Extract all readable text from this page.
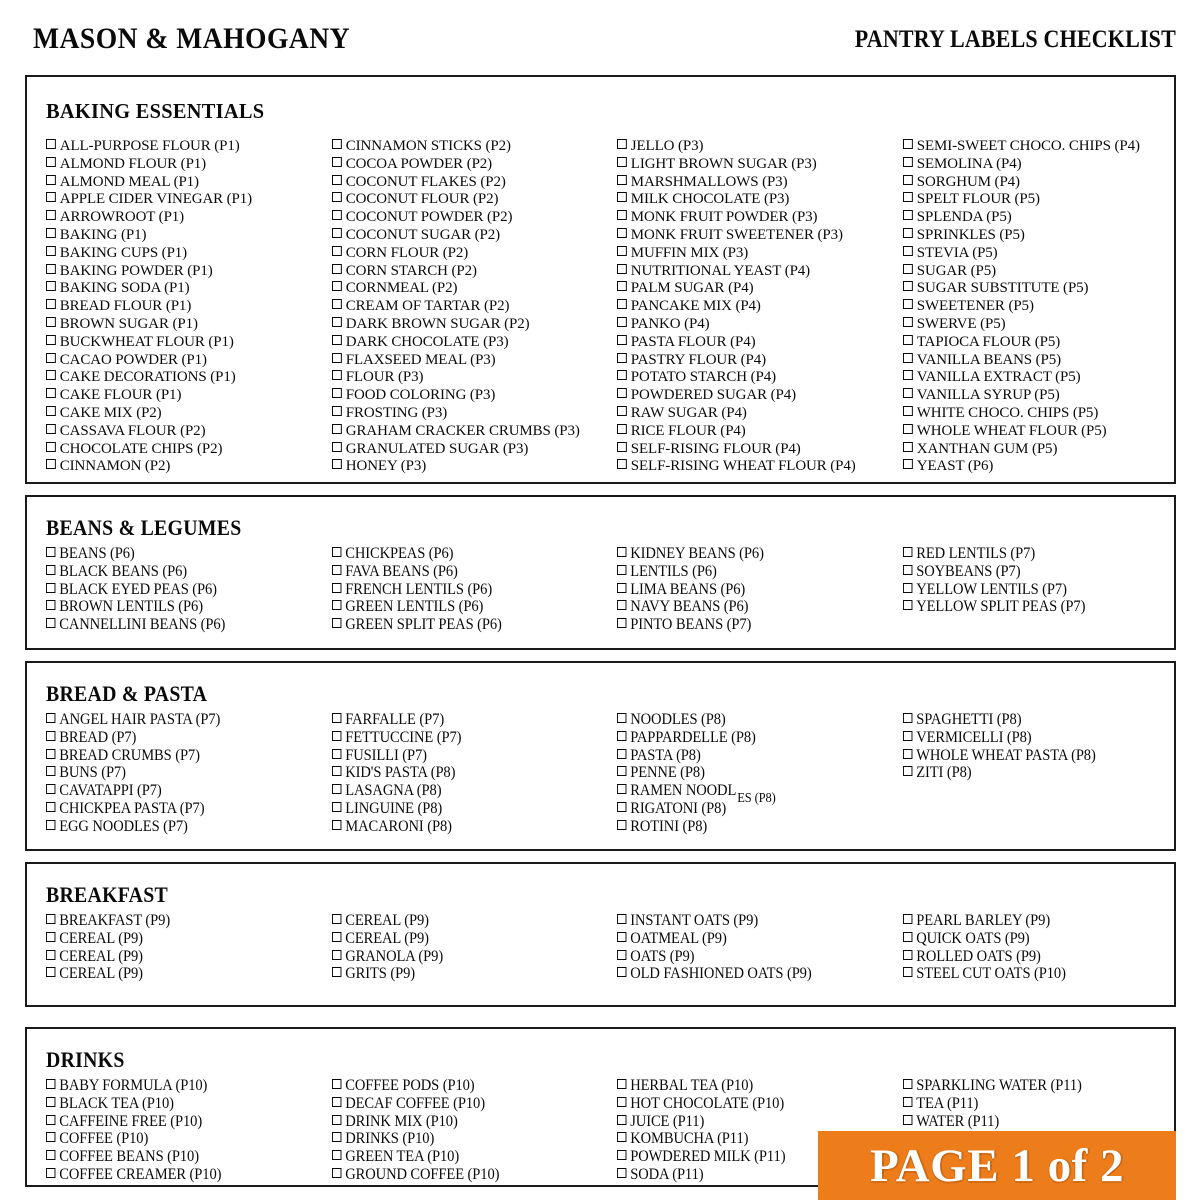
MASON & MAHOGANY	PANTRY LABELS CHECKLIST
BAKING ESSENTIALS
ALL-PURPOSE FLOUR (P1)
ALMOND FLOUR (P1)
ALMOND MEAL (P1)
APPLE CIDER VINEGAR (P1)
ARROWROOT (P1)
BAKING (P1)
BAKING CUPS (P1)
BAKING POWDER (P1)
BAKING SODA (P1)
BREAD FLOUR (P1)
BROWN SUGAR (P1)
BUCKWHEAT FLOUR (P1)
CACAO POWDER (P1)
CAKE DECORATIONS (P1)
CAKE FLOUR (P1)
CAKE MIX (P2)
CASSAVA FLOUR (P2)
CHOCOLATE CHIPS (P2)
CINNAMON (P2)
CINNAMON STICKS (P2)
COCOA POWDER (P2)
COCONUT FLAKES (P2)
COCONUT FLOUR (P2)
COCONUT POWDER (P2)
COCONUT SUGAR (P2)
CORN FLOUR (P2)
CORN STARCH (P2)
CORNMEAL (P2)
CREAM OF TARTAR (P2)
DARK BROWN SUGAR (P2)
DARK CHOCOLATE (P3)
FLAXSEED MEAL (P3)
FLOUR (P3)
FOOD COLORING (P3)
FROSTING (P3)
GRAHAM CRACKER CRUMBS (P3)
GRANULATED SUGAR (P3)
HONEY (P3)
JELLO (P3)
LIGHT BROWN SUGAR (P3)
MARSHMALLOWS (P3)
MILK CHOCOLATE (P3)
MONK FRUIT POWDER (P3)
MONK FRUIT SWEETENER (P3)
MUFFIN MIX (P3)
NUTRITIONAL YEAST (P4)
PALM SUGAR (P4)
PANCAKE MIX (P4)
PANKO (P4)
PASTA FLOUR (P4)
PASTRY FLOUR (P4)
POTATO STARCH (P4)
POWDERED SUGAR (P4)
RAW SUGAR (P4)
RICE FLOUR (P4)
SELF-RISING FLOUR (P4)
SELF-RISING WHEAT FLOUR (P4)
SEMI-SWEET CHOCO. CHIPS (P4)
SEMOLINA (P4)
SORGHUM (P4)
SPELT FLOUR (P5)
SPLENDA (P5)
SPRINKLES (P5)
STEVIA (P5)
SUGAR (P5)
SUGAR SUBSTITUTE (P5)
SWEETENER (P5)
SWERVE (P5)
TAPIOCA FLOUR (P5)
VANILLA BEANS (P5)
VANILLA EXTRACT (P5)
VANILLA SYRUP (P5)
WHITE CHOCO. CHIPS (P5)
WHOLE WHEAT FLOUR (P5)
XANTHAN GUM (P5)
YEAST (P6)
BEANS & LEGUMES
BEANS (P6)
BLACK BEANS (P6)
BLACK EYED PEAS (P6)
BROWN LENTILS (P6)
CANNELLINI BEANS (P6)
CHICKPEAS (P6)
FAVA BEANS (P6)
FRENCH LENTILS (P6)
GREEN LENTILS (P6)
GREEN SPLIT PEAS (P6)
KIDNEY BEANS (P6)
LENTILS (P6)
LIMA BEANS (P6)
NAVY BEANS (P6)
PINTO BEANS (P7)
RED LENTILS (P7)
SOYBEANS (P7)
YELLOW LENTILS (P7)
YELLOW SPLIT PEAS (P7)
BREAD & PASTA
ANGEL HAIR PASTA (P7)
BREAD (P7)
BREAD CRUMBS (P7)
BUNS (P7)
CAVATAPPI (P7)
CHICKPEA PASTA (P7)
EGG NOODLES (P7)
FARFALLE (P7)
FETTUCCINE (P7)
FUSILLI (P7)
KID'S PASTA (P8)
LASAGNA (P8)
LINGUINE (P8)
MACARONI (P8)
NOODLES (P8)
PAPPARDELLE (P8)
PASTA (P8)
PENNE (P8)
RAMEN NOODL ES (P8)
RIGATONI (P8)
ROTINI (P8)
SPAGHETTI (P8)
VERMICELLI (P8)
WHOLE WHEAT PASTA (P8)
ZITI (P8)
BREAKFAST
BREAKFAST (P9)
CEREAL (P9)
CEREAL (P9)
CEREAL (P9)
CEREAL (P9)
CEREAL (P9)
GRANOLA (P9)
GRITS (P9)
INSTANT OATS (P9)
OATMEAL (P9)
OATS (P9)
OLD FASHIONED OATS (P9)
PEARL BARLEY (P9)
QUICK OATS (P9)
ROLLED OATS (P9)
STEEL CUT OATS (P10)
DRINKS
BABY FORMULA (P10)
BLACK TEA (P10)
CAFFEINE FREE (P10)
COFFEE (P10)
COFFEE BEANS (P10)
COFFEE CREAMER (P10)
COFFEE PODS (P10)
DECAF COFFEE (P10)
DRINK MIX (P10)
DRINKS (P10)
GREEN TEA (P10)
GROUND COFFEE (P10)
HERBAL TEA (P10)
HOT CHOCOLATE (P10)
JUICE (P11)
KOMBUCHA (P11)
POWDERED MILK (P11)
SODA (P11)
SPARKLING WATER (P11)
TEA (P11)
WATER (P11)
PAGE 1 of 2
